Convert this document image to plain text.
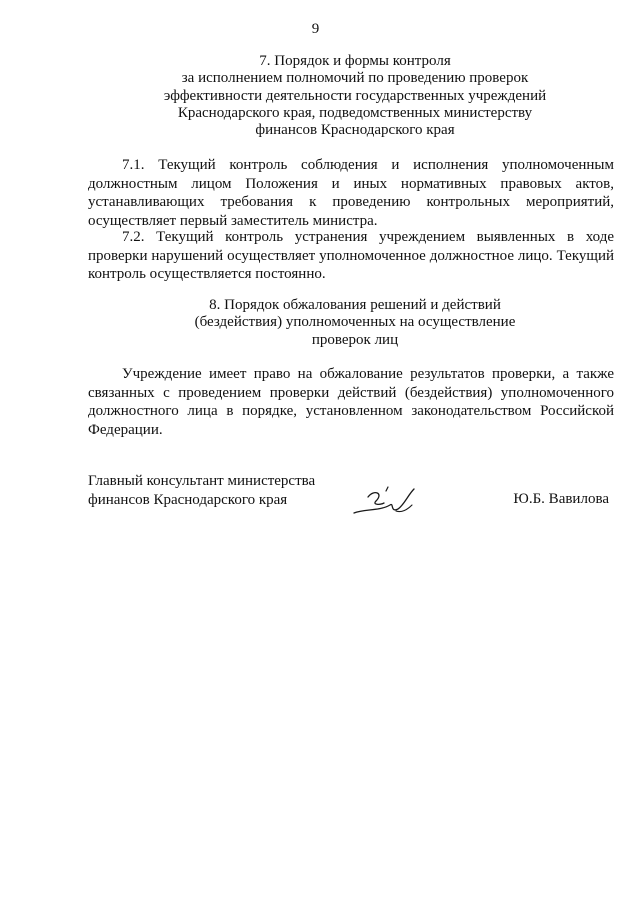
9
7. Порядок и формы контроля
за исполнением полномочий по проведению проверок
эффективности деятельности государственных учреждений
Краснодарского края, подведомственных министерству
финансов Краснодарского края

7.1. Текущий контроль соблюдения и исполнения уполномоченным должностным лицом Положения и иных нормативных правовых актов, устанавливающих требования к проведению контрольных мероприятий, осуществляет первый заместитель министра.

7.2. Текущий контроль устранения учреждением выявленных в ходе проверки нарушений осуществляет уполномоченное должностное лицо. Текущий контроль осуществляется постоянно.

8. Порядок обжалования решений и действий
(бездействия) уполномоченных на осуществление
проверок лиц

Учреждение имеет право на обжалование результатов проверки, а также связанных с проведением проверки действий (бездействия) уполномоченного должностного лица в порядке, установленном законодательством Российской Федерации.

Главный консультант министерства
финансов Краснодарского края	Ю.Б. Вавилова
